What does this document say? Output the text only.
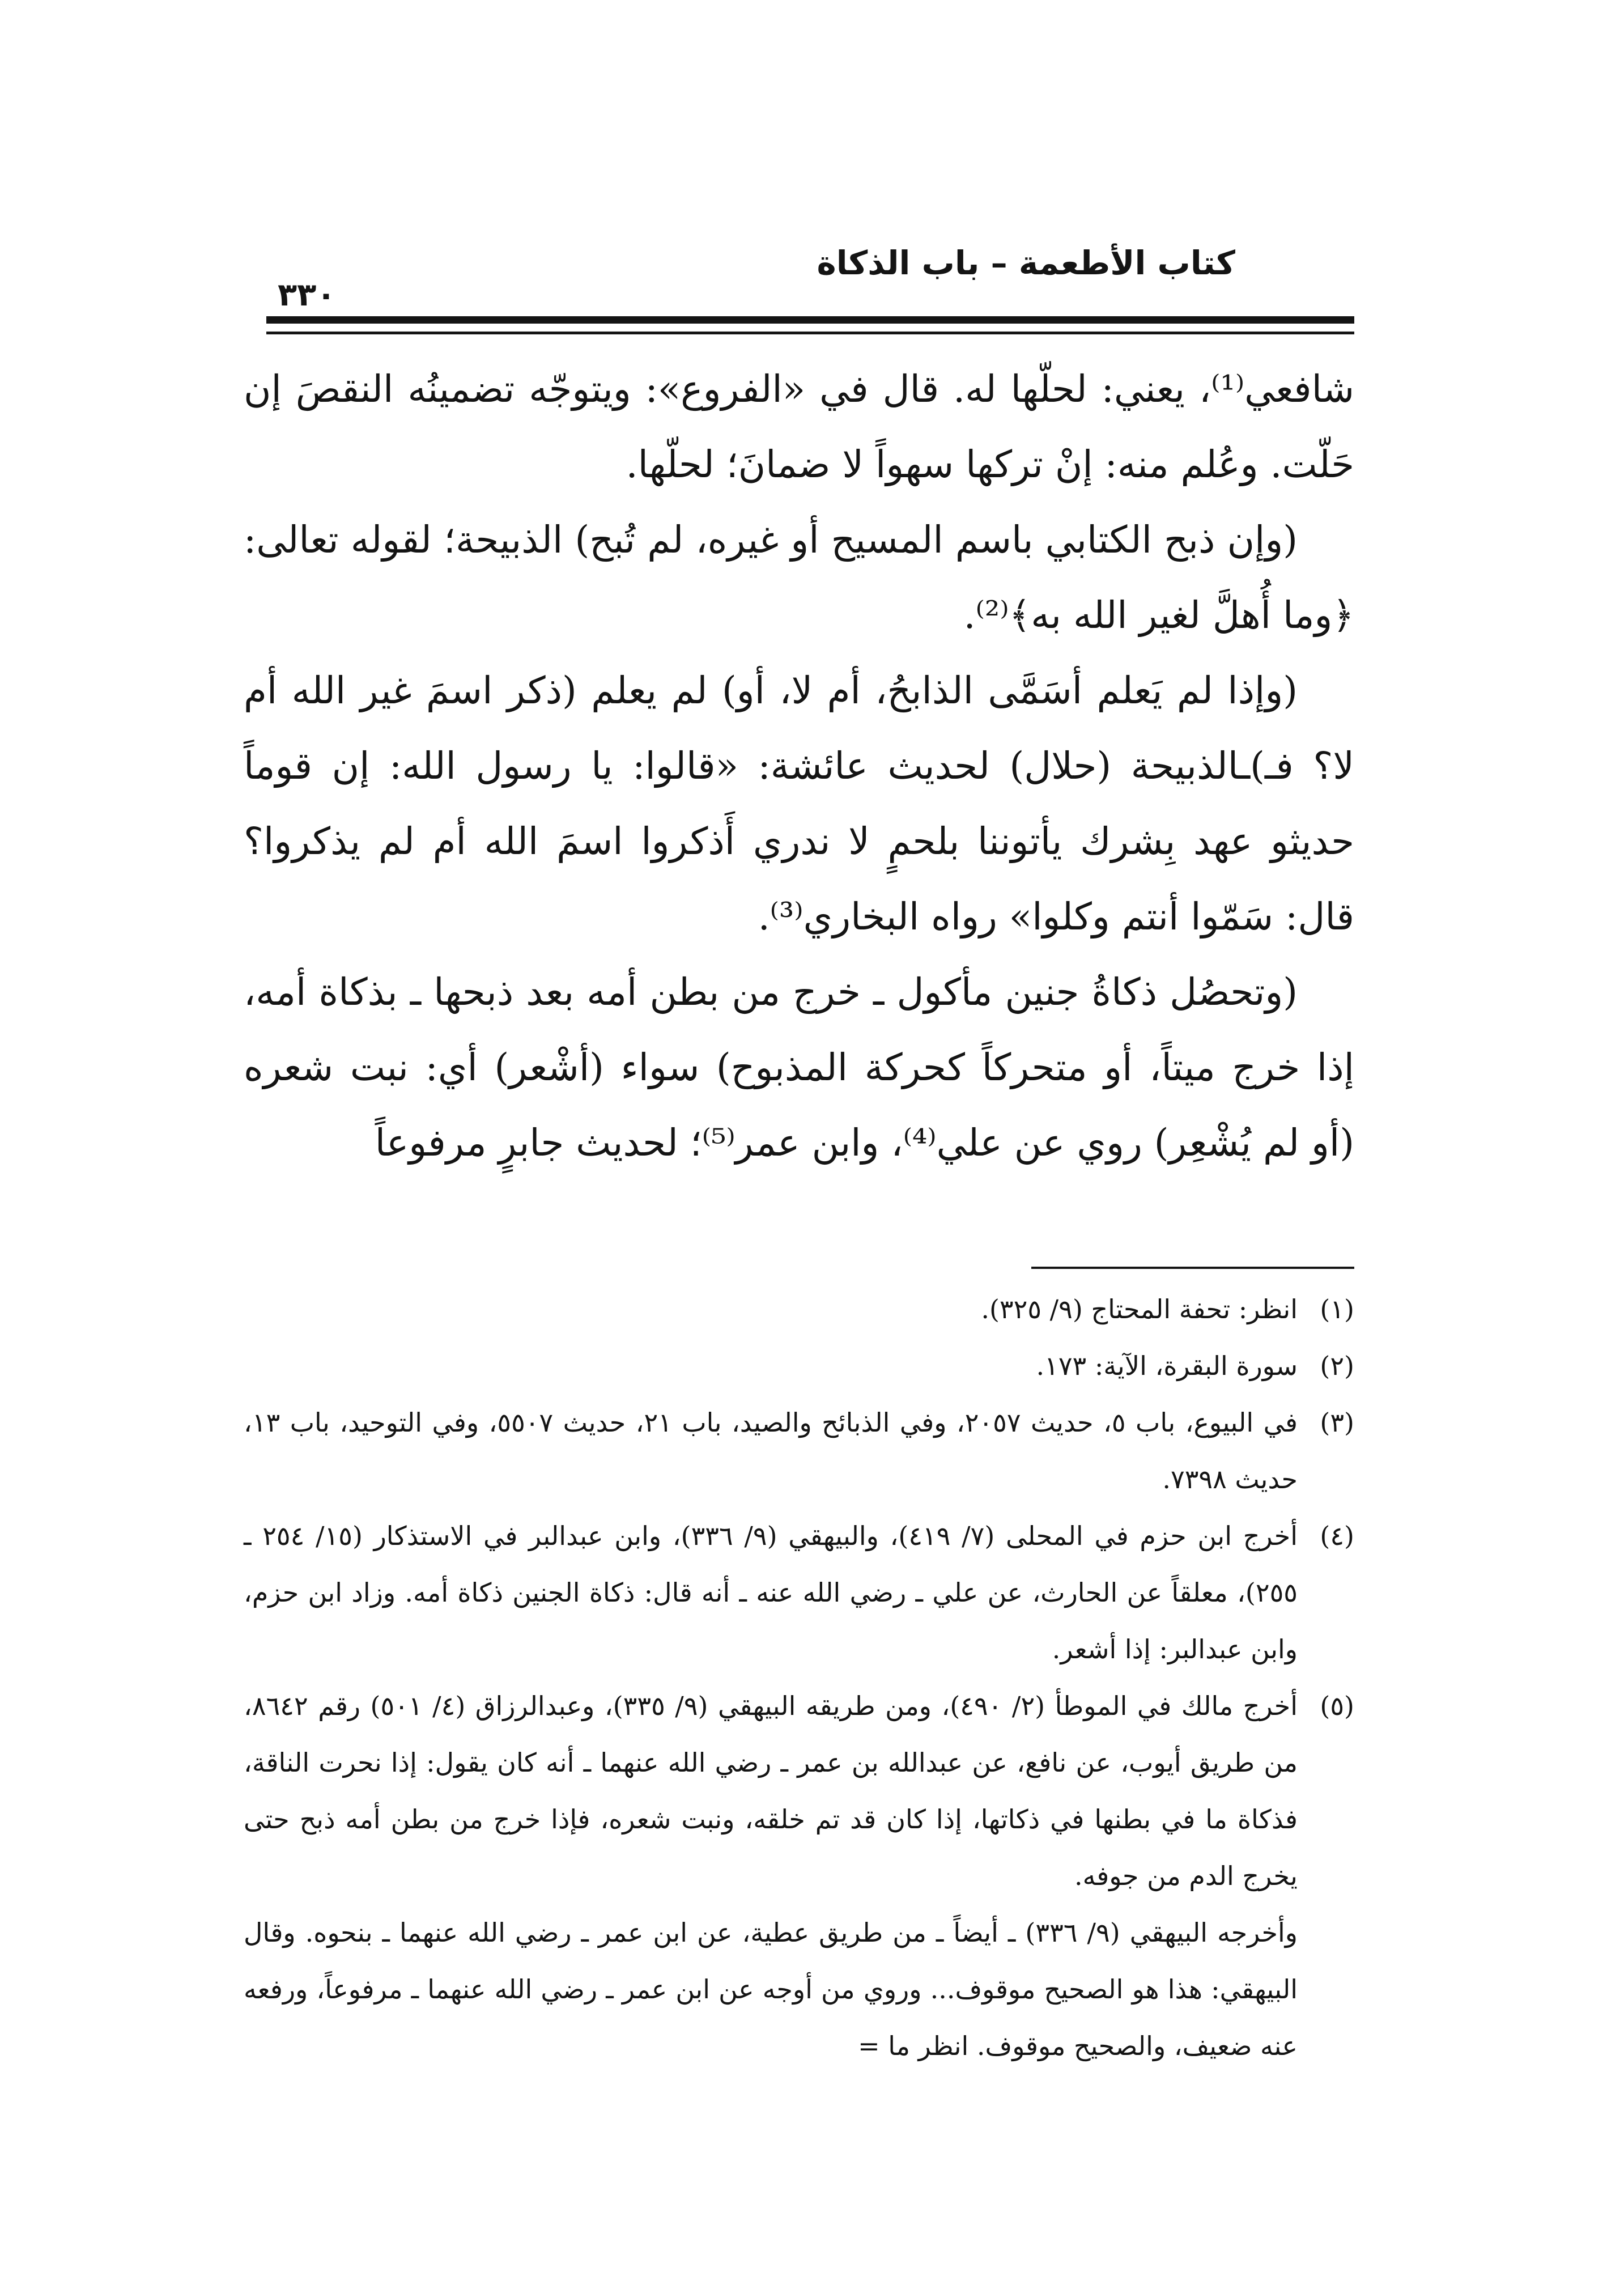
كتاب الأطعمة – باب الذكاة
٣٣٠

شافعي⁽¹⁾، يعني: لحلّها له. قال في «الفروع»: ويتوجّه تضمينُه النقصَ إن حَلّت. وعُلم منه: إنْ تركها سهواً لا ضمانَ؛ لحلّها.

(وإن ذبح الكتابي باسم المسيح أو غيره، لم تُبح) الذبيحة؛ لقوله تعالى: ﴿وما أُهلَّ لغير الله به﴾⁽²⁾.

(وإذا لم يَعلم أسَمَّى الذابحُ، أم لا، أو) لم يعلم (ذكر اسمَ غير الله أم لا؟ فـ)ـالذبيحة (حلال) لحديث عائشة: «قالوا: يا رسول الله: إن قوماً حديثو عهد بِشرك يأتوننا بلحمٍ لا ندري أَذكروا اسمَ الله أم لم يذكروا؟ قال: سَمّوا أنتم وكلوا» رواه البخاري⁽³⁾.

(وتحصُل ذكاةُ جنين مأكول ـ خرج من بطن أمه بعد ذبحها ـ بذكاة أمه، إذا خرج ميتاً، أو متحركاً كحركة المذبوح) سواء (أشْعر) أي: نبت شعره (أو لم يُشْعِر) روي عن علي⁽⁴⁾، وابن عمر⁽⁵⁾؛ لحديث جابرٍ مرفوعاً

(١)
انظر: تحفة المحتاج (٩/ ٣٢٥).
(٢)
سورة البقرة، الآية: ١٧٣.
(٣)
في البيوع، باب ٥، حديث ٢٠٥٧، وفي الذبائح والصيد، باب ٢١، حديث ٥٥٠٧، وفي التوحيد، باب ١٣، حديث ٧٣٩٨.
(٤)
أخرج ابن حزم في المحلى (٧/ ٤١٩)، والبيهقي (٩/ ٣٣٦)، وابن عبدالبر في الاستذكار (١٥/ ٢٥٤ ـ ٢٥٥)، معلقاً عن الحارث، عن علي ـ رضي الله عنه ـ أنه قال: ذكاة الجنين ذكاة أمه. وزاد ابن حزم، وابن عبدالبر: إذا أشعر.
(٥)
أخرج مالك في الموطأ (٢/ ٤٩٠)، ومن طريقه البيهقي (٩/ ٣٣٥)، وعبدالرزاق (٤/ ٥٠١) رقم ٨٦٤٢، من طريق أيوب، عن نافع، عن عبدالله بن عمر ـ رضي الله عنهما ـ أنه كان يقول: إذا نحرت الناقة، فذكاة ما في بطنها في ذكاتها، إذا كان قد تم خلقه، ونبت شعره، فإذا خرج من بطن أمه ذبح حتى يخرج الدم من جوفه.
وأخرجه البيهقي (٩/ ٣٣٦) ـ أيضاً ـ من طريق عطية، عن ابن عمر ـ رضي الله عنهما ـ بنحوه. وقال البيهقي: هذا هو الصحيح موقوف... وروي من أوجه عن ابن عمر ـ رضي الله عنهما ـ مرفوعاً، ورفعه عنه ضعيف، والصحيح موقوف. انظر ما =
